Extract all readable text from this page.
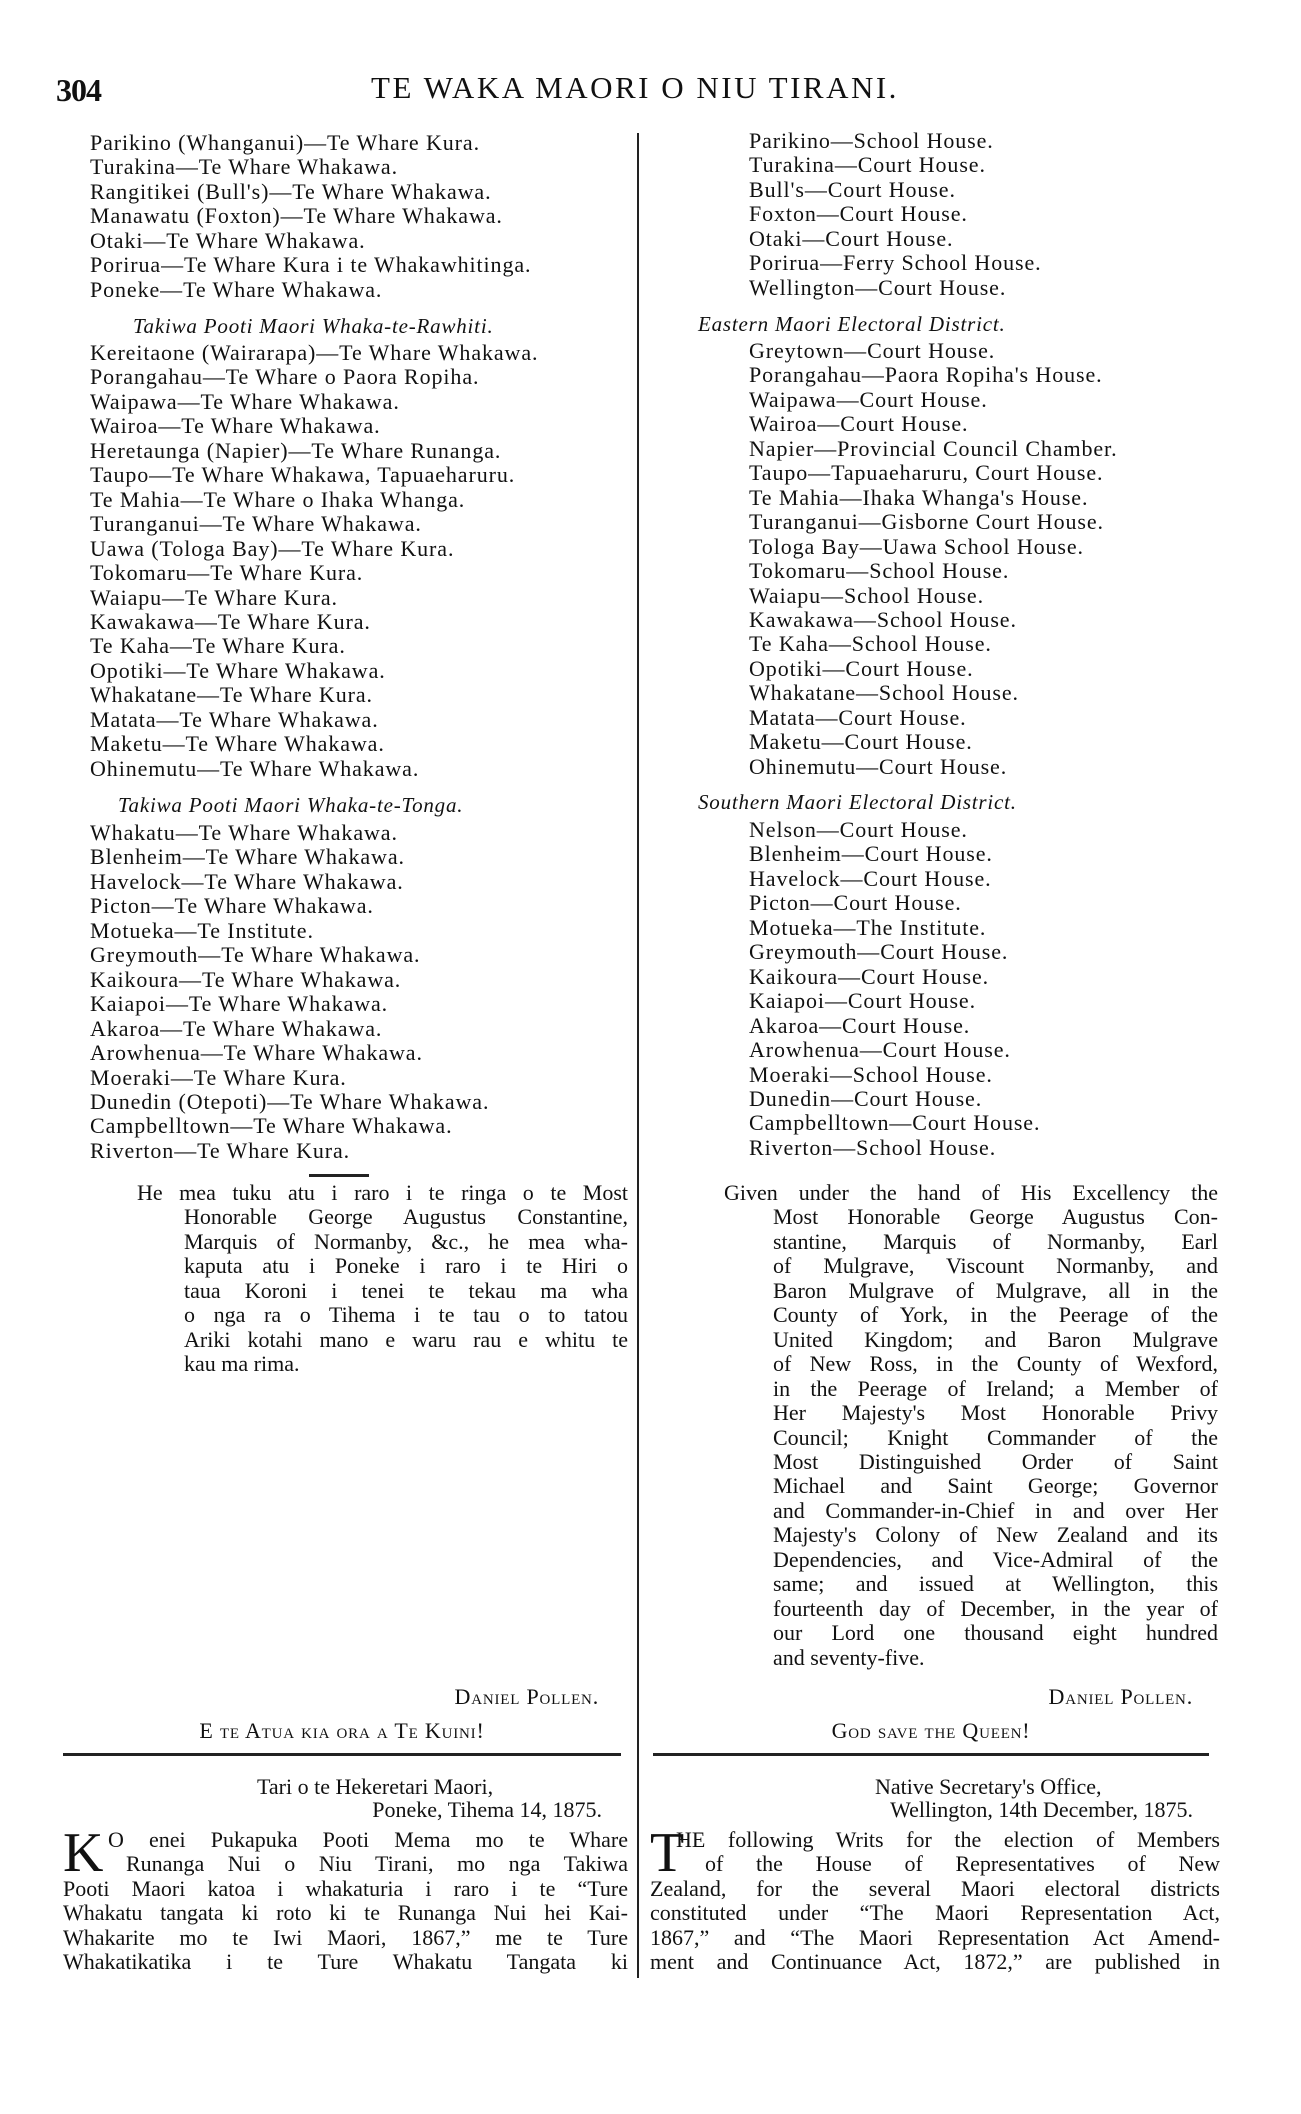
304	TE WAKA MAORI O NIU TIRANI.
Parikino (Whanganui)—Te Whare Kura.
Turakina—Te Whare Whakawa.
Rangitikei (Bull's)—Te Whare Whakawa.
Manawatu (Foxton)—Te Whare Whakawa.
Otaki—Te Whare Whakawa.
Porirua—Te Whare Kura i te Whakawhitinga.
Poneke—Te Whare Whakawa.
Takiwa Pooti Maori Whaka-te-Rawhiti.
Kereitaone (Wairarapa)—Te Whare Whakawa.
Porangahau—Te Whare o Paora Ropiha.
Waipawa—Te Whare Whakawa.
Wairoa—Te Whare Whakawa.
Heretaunga (Napier)—Te Whare Runanga.
Taupo—Te Whare Whakawa, Tapuaeharuru.
Te Mahia—Te Whare o Ihaka Whanga.
Turanganui—Te Whare Whakawa.
Uawa (Tologa Bay)—Te Whare Kura.
Tokomaru—Te Whare Kura.
Waiapu—Te Whare Kura.
Kawakawa—Te Whare Kura.
Te Kaha—Te Whare Kura.
Opotiki—Te Whare Whakawa.
Whakatane—Te Whare Kura.
Matata—Te Whare Whakawa.
Maketu—Te Whare Whakawa.
Ohinemutu—Te Whare Whakawa.
Takiwa Pooti Maori Whaka-te-Tonga.
Whakatu—Te Whare Whakawa.
Blenheim—Te Whare Whakawa.
Havelock—Te Whare Whakawa.
Picton—Te Whare Whakawa.
Motueka—Te Institute.
Greymouth—Te Whare Whakawa.
Kaikoura—Te Whare Whakawa.
Kaiapoi—Te Whare Whakawa.
Akaroa—Te Whare Whakawa.
Arowhenua—Te Whare Whakawa.
Moeraki—Te Whare Kura.
Dunedin (Otepoti)—Te Whare Whakawa.
Campbelltown—Te Whare Whakawa.
Riverton—Te Whare Kura.
Parikino—School House.
Turakina—Court House.
Bull's—Court House.
Foxton—Court House.
Otaki—Court House.
Porirua—Ferry School House.
Wellington—Court House.
Eastern Maori Electoral District.
Greytown—Court House.
Porangahau—Paora Ropiha's House.
Waipawa—Court House.
Wairoa—Court House.
Napier—Provincial Council Chamber.
Taupo—Tapuaeharuru, Court House.
Te Mahia—Ihaka Whanga's House.
Turanganui—Gisborne Court House.
Tologa Bay—Uawa School House.
Tokomaru—School House.
Waiapu—School House.
Kawakawa—School House.
Te Kaha—School House.
Opotiki—Court House.
Whakatane—School House.
Matata—Court House.
Maketu—Court House.
Ohinemutu—Court House.
Southern Maori Electoral District.
Nelson—Court House.
Blenheim—Court House.
Havelock—Court House.
Picton—Court House.
Motueka—The Institute.
Greymouth—Court House.
Kaikoura—Court House.
Kaiapoi—Court House.
Akaroa—Court House.
Arowhenua—Court House.
Moeraki—School House.
Dunedin—Court House.
Campbelltown—Court House.
Riverton—School House.
He mea tuku atu i raro i te ringa o te Most
Honorable George Augustus Constantine,
Marquis of Normanby, &c., he mea wha-
kaputa atu i Poneke i raro i te Hiri o
taua Koroni i tenei te tekau ma wha
o nga ra o Tihema i te tau o to tatou
Ariki kotahi mano e waru rau e whitu te
kau ma rima.
Given under the hand of His Excellency the
Most Honorable George Augustus Con-
stantine, Marquis of Normanby, Earl
of Mulgrave, Viscount Normanby, and
Baron Mulgrave of Mulgrave, all in the
County of York, in the Peerage of the
United Kingdom; and Baron Mulgrave
of New Ross, in the County of Wexford,
in the Peerage of Ireland; a Member of
Her Majesty's Most Honorable Privy
Council; Knight Commander of the
Most Distinguished Order of Saint
Michael and Saint George; Governor
and Commander-in-Chief in and over Her
Majesty's Colony of New Zealand and its
Dependencies, and Vice-Admiral of the
same; and issued at Wellington, this
fourteenth day of December, in the year of
our Lord one thousand eight hundred
and seventy-five.
Daniel Pollen.	Daniel Pollen.
E te Atua kia ora a Te Kuini!	God save the Queen!
Tari o te Hekeretari Maori,
Poneke, Tihema 14, 1875.
Native Secretary's Office,
Wellington, 14th December, 1875.
K O enei Pukapuka Pooti Mema mo te Whare
Runanga Nui o Niu Tirani, mo nga Takiwa
Pooti Maori katoa i whakaturia i raro i te “Ture
Whakatu tangata ki roto ki te Runanga Nui hei Kai-
Whakarite mo te Iwi Maori, 1867,” me te Ture
Whakatikatika i te Ture Whakatu Tangata ki
T
HE following Writs for the election of Members
of the House of Representatives of New
Zealand, for the several Maori electoral districts
constituted under “The Maori Representation Act,
1867,” and “The Maori Representation Act Amend-
ment and Continuance Act, 1872,” are published in
